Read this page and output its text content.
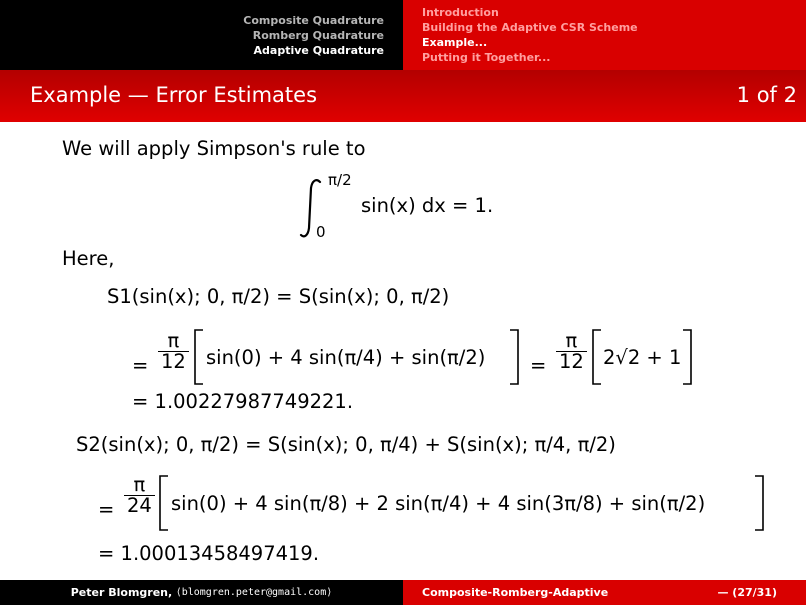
Composite Quadrature
Romberg Quadrature
Adaptive Quadrature
Introduction
Building the Adaptive CSR Scheme
Example...
Putting it Together...
Example — Error Estimates	1 of 2
We will apply Simpson's rule to
π/2
0
sin(x) dx = 1.
Here,
S1(sin(x); 0, π/2) = S(sin(x); 0, π/2)
= $\frac{\pi}{12} \sin(0) + 4$ $\sin(\pi/4) + \sin(\pi/2) = \frac{\pi}{12} 2√2 + 1$
= 1.00227987749221.
S2(sin(x); 0, π/2) = S(sin(x); 0, π/4) + S(sin(x); π/4, π/2)
= $\frac{\pi}{24} \sin(0) + 4$ sin(π/8) + 2 sin(π/4) + 4 sin(3π/8) + sin(π/2)
= 1.00013458497419.
Peter Blomgren,
⟨blomgren.peter@gmail.com⟩	Composite-Romberg-Adaptive	— (27/31)
